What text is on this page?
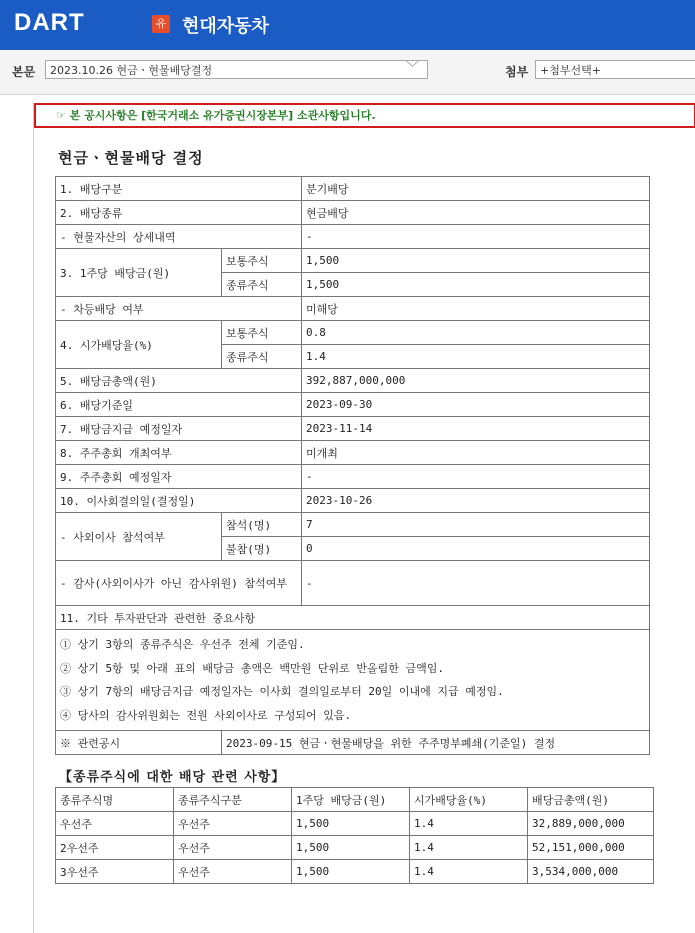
DART	유 현대자동차
본문	2023.10.26 현금ㆍ현물배당결정	﹀	첨부	+첨부선택+
☞ 본 공시사항은 [한국거래소 유가증권시장본부] 소관사항입니다.
현금ㆍ현물배당 결정
1. 배당구분		분기배당
2. 배당종류		현금배당
- 현물자산의 상세내역		-
3. 1주당 배당금(원)	보통주식	1,500
	종류주식	1,500
- 차등배당 여부		미해당
4. 시가배당율(%)	보통주식	0.8
	종류주식	1.4
5. 배당금총액(원)		392,887,000,000
6. 배당기준일		2023-09-30
7. 배당금지급 예정일자		2023-11-14
8. 주주총회 개최여부		미개최
9. 주주총회 예정일자		-
10. 이사회결의일(결정일)		2023-10-26
- 사외이사 참석여부	참석(명)	7
	불참(명)	0
- 감사(사외이사가 아닌 감사위원) 참석여부		-
11. 기타 투자판단과 관련한 중요사항		

① 상기 3항의 종류주식은 우선주 전체 기준임.
② 상기 5항 및 아래 표의 배당금 총액은 백만원 단위로 반올림한 금액임.
③ 상기 7항의 배당금지급 예정일자는 이사회 결의일로부터 20일 이내에 지급 예정임.
④ 당사의 감사위원회는 전원 사외이사로 구성되어 있음.		

※ 관련공시	2023-09-15 현금ㆍ현물배당을 위한 주주명부폐쇄(기준일) 결정	
【종류주식에 대한 배당 관련 사항】
종류주식명	종류주식구분	1주당 배당금(원)	시가배당율(%)	배당금총액(원)
우선주	우선주	1,500	1.4	32,889,000,000
2우선주	우선주	1,500	1.4	52,151,000,000
3우선주	우선주	1,500	1.4	3,534,000,000
